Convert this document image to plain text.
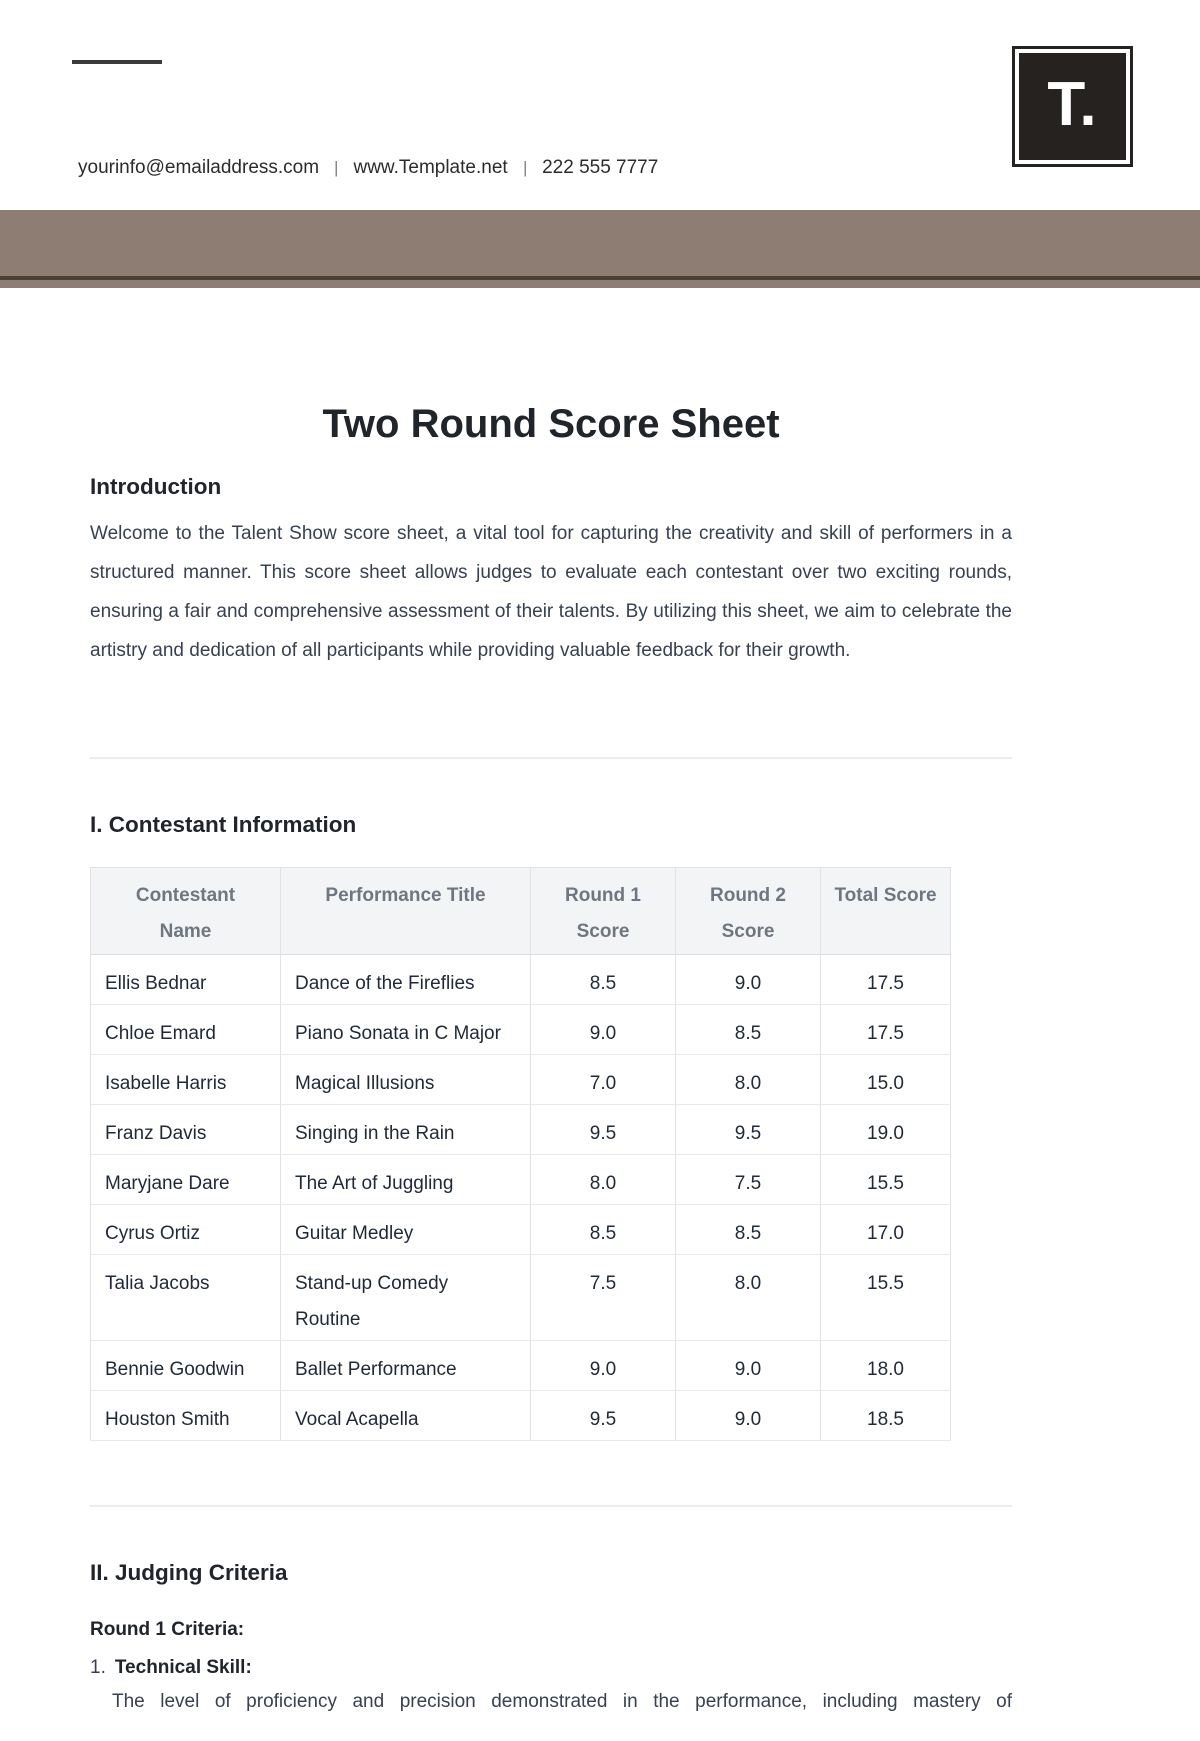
T.
yourinfo@emailaddress.com | www.Template.net | 222 555 7777
Two Round Score Sheet
Introduction
Welcome to the Talent Show score sheet, a vital tool for capturing the creativity and skill of performers in a structured manner. This score sheet allows judges to evaluate each contestant over two exciting rounds, ensuring a fair and comprehensive assessment of their talents. By utilizing this sheet, we aim to celebrate the artistry and dedication of all participants while providing valuable feedback for their growth.
I. Contestant Information
Contestant Name	Performance Title	Round 1 Score	Round 2 Score	Total Score
Ellis Bednar	Dance of the Fireflies	8.5	9.0	17.5
Chloe Emard	Piano Sonata in C Major	9.0	8.5	17.5
Isabelle Harris	Magical Illusions	7.0	8.0	15.0
Franz Davis	Singing in the Rain	9.5	9.5	19.0
Maryjane Dare	The Art of Juggling	8.0	7.5	15.5
Cyrus Ortiz	Guitar Medley	8.5	8.5	17.0
Talia Jacobs	Stand-up Comedy Routine	7.5	8.0	15.5
Bennie Goodwin	Ballet Performance	9.0	9.0	18.0
Houston Smith	Vocal Acapella	9.5	9.0	18.5
II. Judging Criteria
Round 1 Criteria:
1. Technical Skill:
The level of proficiency and precision demonstrated in the performance, including mastery of
